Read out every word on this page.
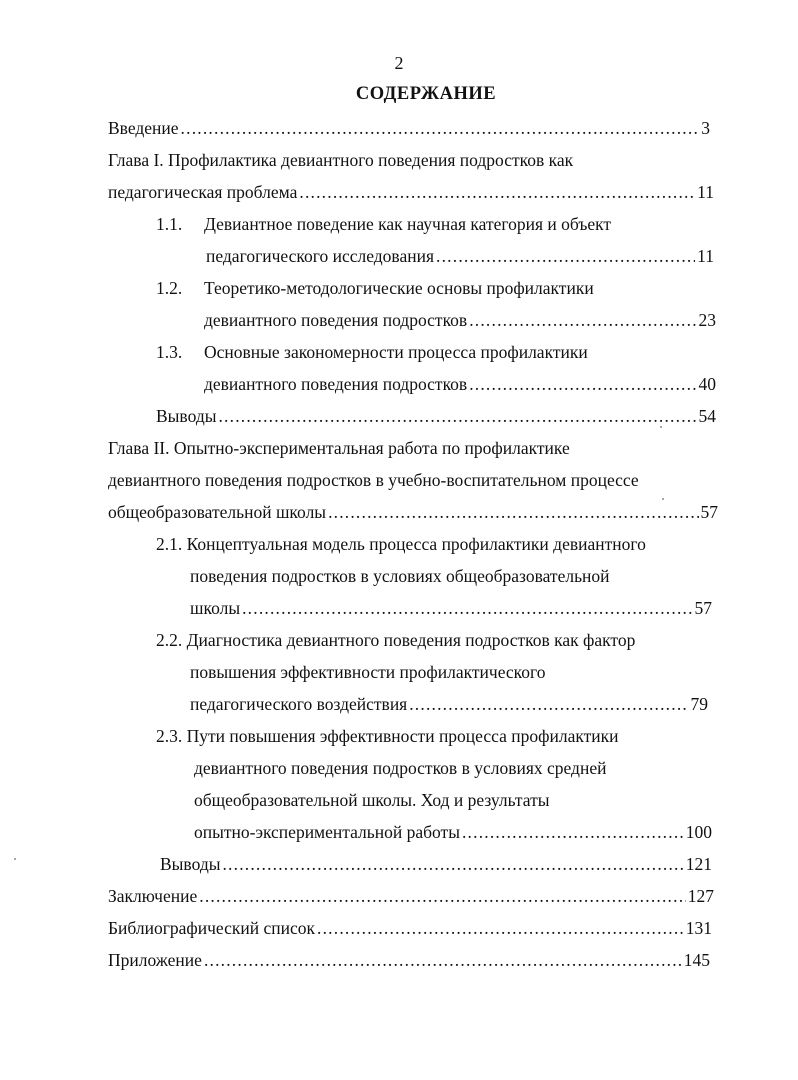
2
СОДЕРЖАНИЕ
Введение .....	3
Глава I. Профилактика девиантного поведения подростков как
педагогическая проблема .....	11
1.1. Девиантное поведение как научная категория и объект
педагогического исследования .....	11
1.2. Теоретико-методологические основы профилактики
девиантного поведения подростков .....	23
1.3. Основные закономерности процесса профилактики
девиантного поведения подростков .....	40
Выводы .....	54
Глава II. Опытно-экспериментальная работа по профилактике
девиантного поведения подростков в учебно-воспитательном процессе
общеобразовательной школы .....	57
2.1. Концептуальная модель процесса профилактики девиантного
поведения подростков в условиях общеобразовательной
школы .....	57
2.2. Диагностика девиантного поведения подростков как фактор
повышения эффективности профилактического
педагогического воздействия .....	79
2.3. Пути повышения эффективности процесса профилактики
девиантного поведения подростков в условиях средней
общеобразовательной школы. Ход и результаты
опытно-экспериментальной работы .....	100
Выводы .....	121
Заключение .....	127
Библиографический список .....	131
Приложение .....	145
